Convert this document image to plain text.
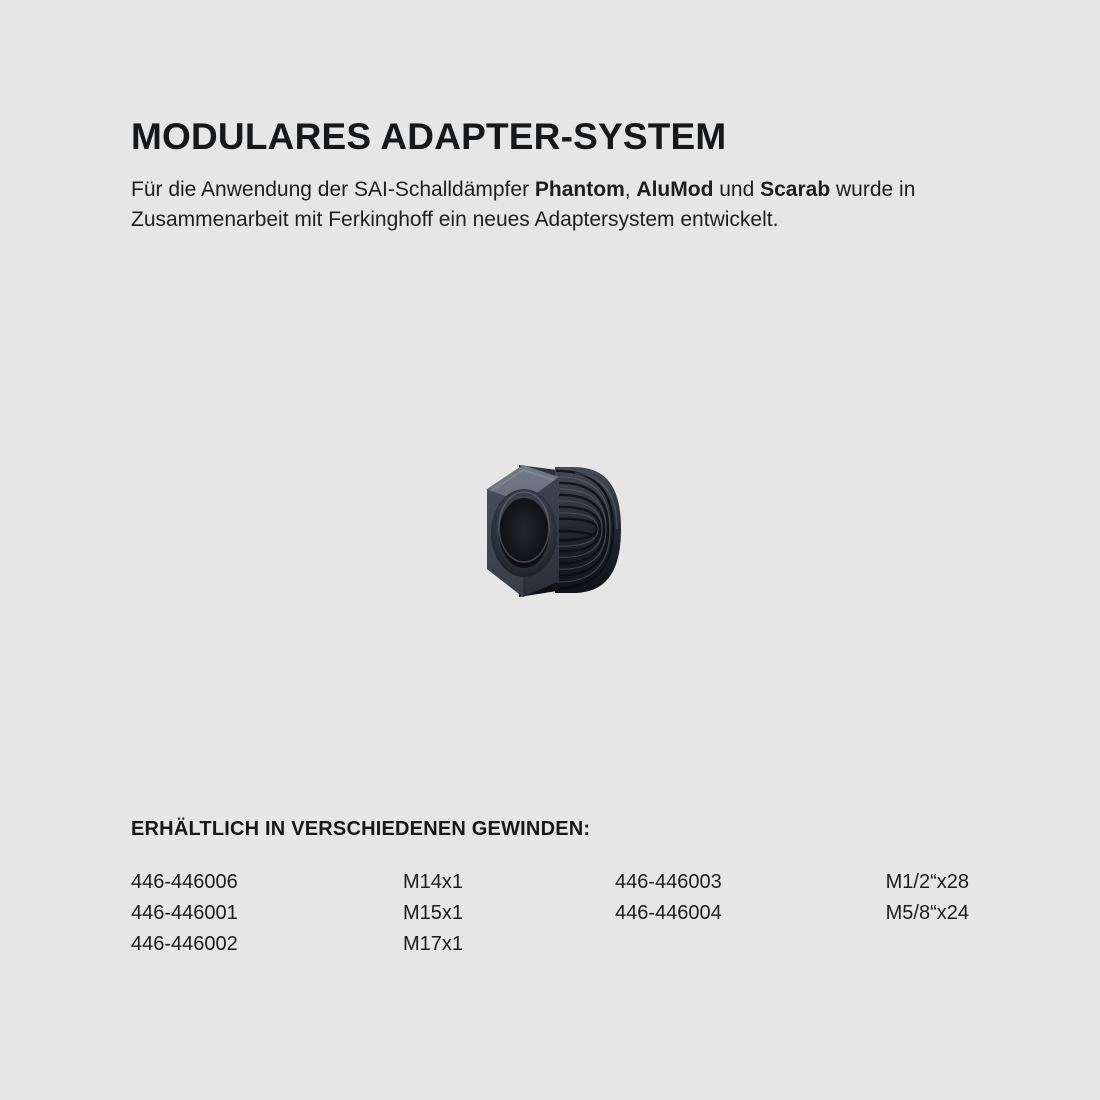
MODULARES ADAPTER-SYSTEM

Für die Anwendung der SAI-Schalldämpfer Phantom, AluMod und Scarab wurde in Zusammenarbeit mit Ferkinghoff ein neues Adaptersystem entwickelt.

ERHÄLTLICH IN VERSCHIEDENEN GEWINDEN:
446-446006	M14x1	446-446003	M1/2“x28
446-446001	M15x1	446-446004	M5/8“x24
446-446002	M17x1		
